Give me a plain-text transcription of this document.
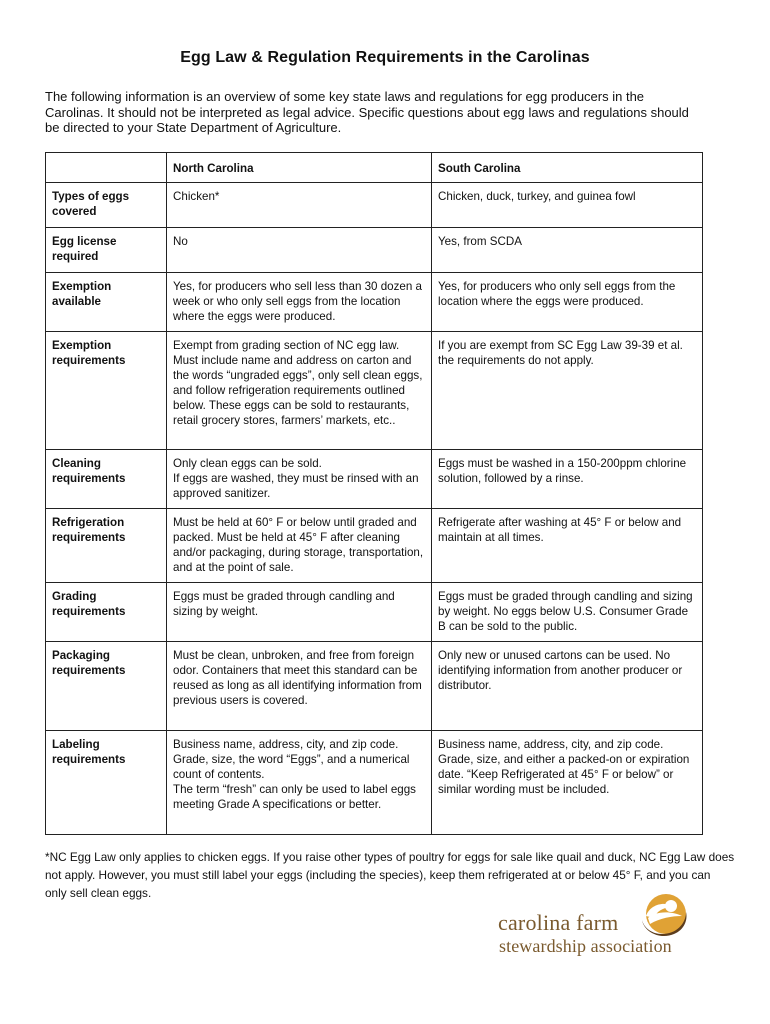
Egg Law & Regulation Requirements in the Carolinas
The following information is an overview of some key state laws and regulations for egg producers in the Carolinas. It should not be interpreted as legal advice. Specific questions about egg laws and regulations should be directed to your State Department of Agriculture.
	North Carolina	South Carolina
Types of eggs covered	Chicken*	Chicken, duck, turkey, and guinea fowl

Egg license required	No	Yes, from SCDA

Exemption available	Yes, for producers who sell less than 30 dozen a week or who only sell eggs from the location where the eggs were produced.	Yes, for producers who only sell eggs from the location where the eggs were produced.

Exemption requirements	Exempt from grading section of NC egg law. Must include name and address on carton and the words “ungraded eggs”, only sell clean eggs, and follow refrigeration requirements outlined below. These eggs can be sold to restaurants, retail grocery stores, farmers’ markets, etc..	If you are exempt from SC Egg Law 39-39 et al. the requirements do not apply.

Cleaning requirements	Only clean eggs can be sold.
If eggs are washed, they must be rinsed with an approved sanitizer.	Eggs must be washed in a 150-200ppm chlorine solution, followed by a rinse.

Refrigeration requirements	Must be held at 60° F or below until graded and packed. Must be held at 45° F after cleaning and/or packaging, during storage, transportation, and at the point of sale.	Refrigerate after washing at 45° F or below and maintain at all times.

Grading requirements	Eggs must be graded through candling and sizing by weight.	Eggs must be graded through candling and sizing by weight. No eggs below U.S. Consumer Grade B can be sold to the public.

Packaging requirements	Must be clean, unbroken, and free from foreign odor. Containers that meet this standard can be reused as long as all identifying information from previous users is covered.	Only new or unused cartons can be used. No identifying information from another producer or distributor.

Labeling requirements	Business name, address, city, and zip code. Grade, size, the word “Eggs”, and a numerical count of contents.
The term “fresh” can only be used to label eggs meeting Grade A specifications or better.	Business name, address, city, and zip code. Grade, size, and either a packed-on or expiration date. “Keep Refrigerated at 45° F or below” or similar wording must be included.
*NC Egg Law only applies to chicken eggs. If you raise other types of poultry for eggs for sale like quail and duck, NC Egg Law does not apply. However, you must still label your eggs (including the species), keep them refrigerated at or below 45° F, and you can only sell clean eggs.
carolina farm
stewardship association
